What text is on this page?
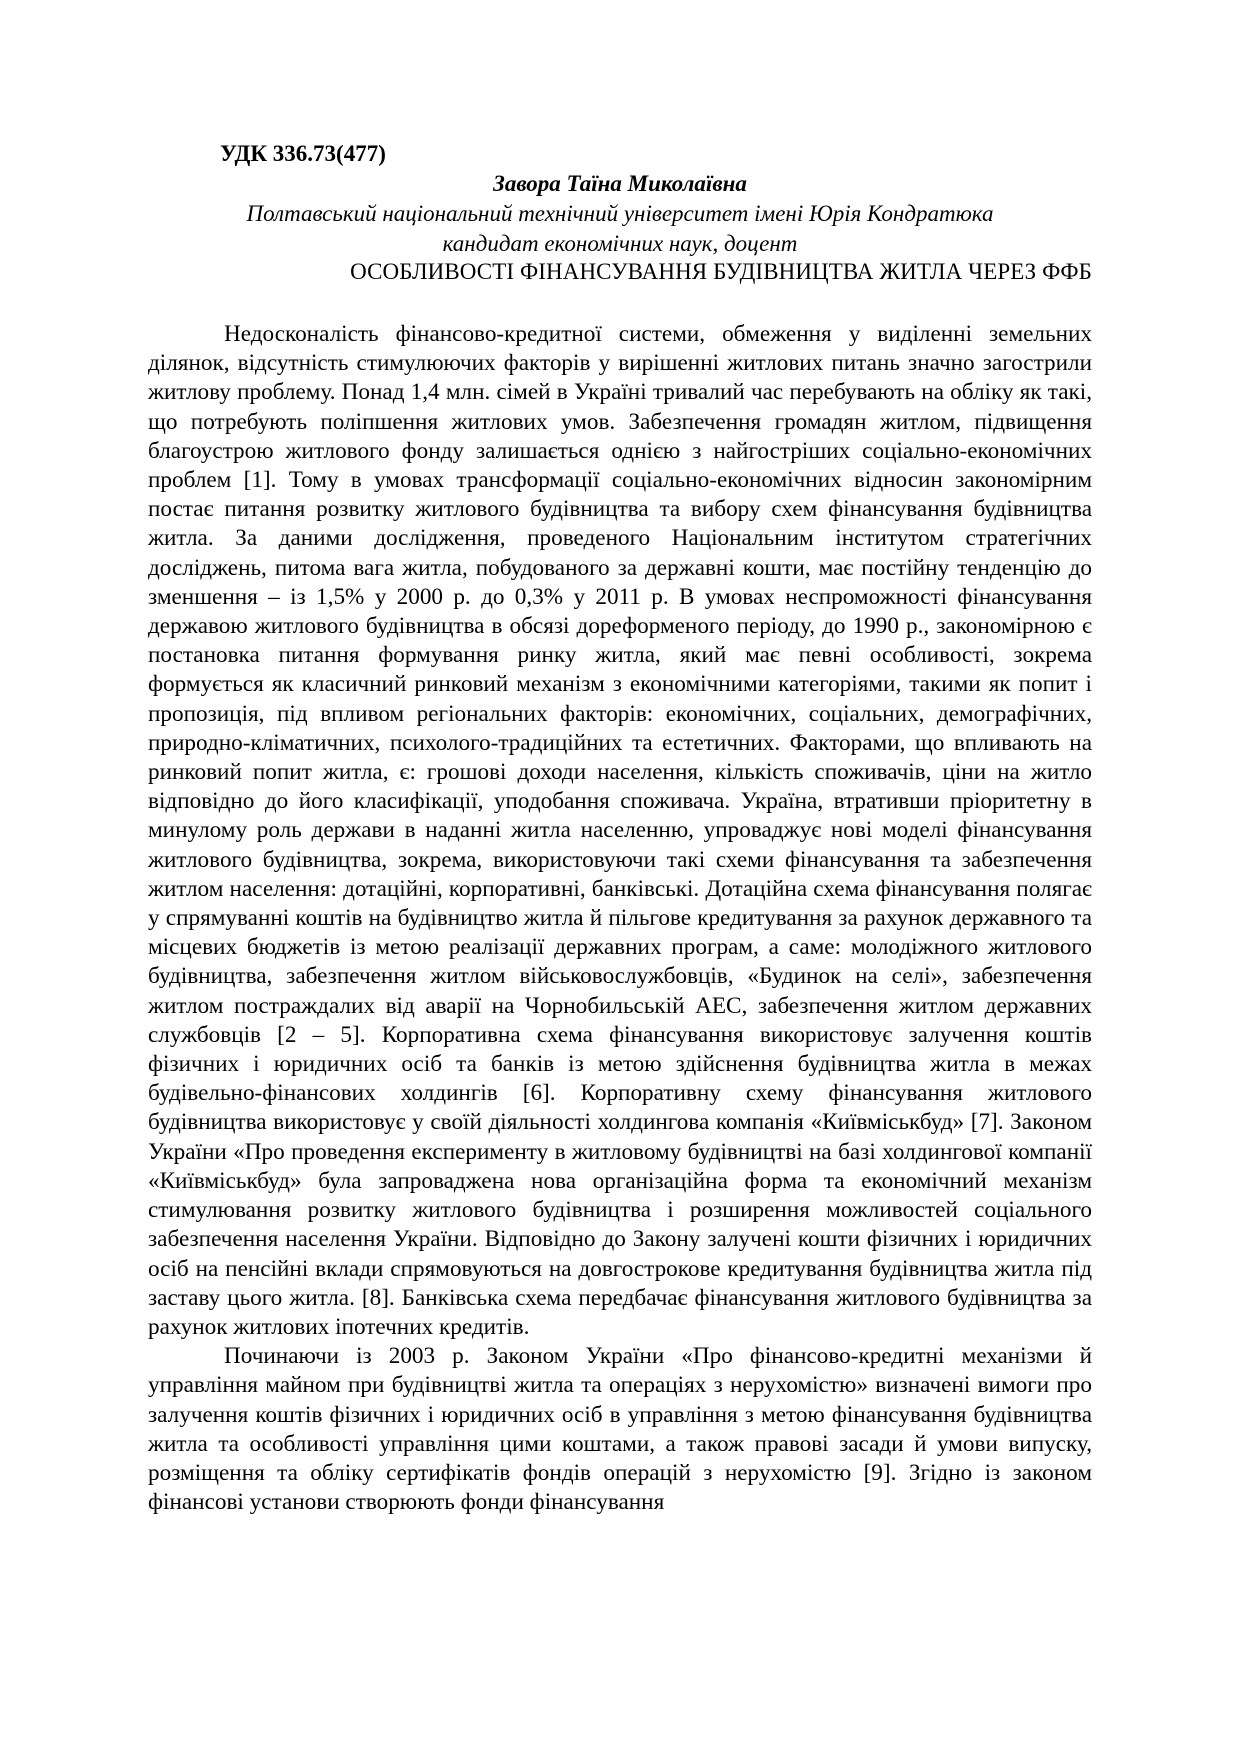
УДК 336.73(477)
Завора Таїна Миколаївна
Полтавський національний технічний університет імені Юрія Кондратюка
кандидат економічних наук, доцент
ОСОБЛИВОСТІ ФІНАНСУВАННЯ БУДІВНИЦТВА ЖИТЛА ЧЕРЕЗ ФФБ

Недосконалість фінансово-кредитної системи, обмеження у виділенні земельних ділянок, відсутність стимулюючих факторів у вирішенні житлових питань значно загострили житлову проблему. Понад 1,4 млн. сімей в Україні тривалий час перебувають на обліку як такі, що потребують поліпшення житлових умов. Забезпечення громадян житлом, підвищення благоустрою житлового фонду залишається однією з найгостріших соціально-економічних проблем [1]. Тому в умовах трансформації соціально-економічних відносин закономірним постає питання розвитку житлового будівництва та вибору схем фінансування будівництва житла. За даними дослідження, проведеного Національним інститутом стратегічних досліджень, питома вага житла, побудованого за державні кошти, має постійну тенденцію до зменшення – із 1,5% у 2000 р. до 0,3% у 2011 р. В умовах неспроможності фінансування державою житлового будівництва в обсязі дореформеного періоду, до 1990 р., закономірною є постановка питання формування ринку житла, який має певні особливості, зокрема формується як класичний ринковий механізм з економічними категоріями, такими як попит і пропозиція, під впливом регіональних факторів: економічних, соціальних, демографічних, природно-кліматичних, психолого-традиційних та естетичних. Факторами, що впливають на ринковий попит житла, є: грошові доходи населення, кількість споживачів, ціни на житло відповідно до його класифікації, уподобання споживача. Україна, втративши пріоритетну в минулому роль держави в наданні житла населенню, упроваджує нові моделі фінансування житлового будівництва, зокрема, використовуючи такі схеми фінансування та забезпечення житлом населення: дотаційні, корпоративні, банківські. Дотаційна схема фінансування полягає у спрямуванні коштів на будівництво житла й пільгове кредитування за рахунок державного та місцевих бюджетів із метою реалізації державних програм, а саме: молодіжного житлового будівництва, забезпечення житлом військовослужбовців, «Будинок на селі», забезпечення житлом постраждалих від аварії на Чорнобильській АЕС, забезпечення житлом державних службовців [2 – 5]. Корпоративна схема фінансування використовує залучення коштів фізичних і юридичних осіб та банків із метою здійснення будівництва житла в межах будівельно-фінансових холдингів [6]. Корпоративну схему фінансування житлового будівництва використовує у своїй діяльності холдингова компанія «Київміськбуд» [7]. Законом України «Про проведення експерименту в житловому будівництві на базі холдингової компанії «Київміськбуд» була запроваджена нова організаційна форма та економічний механізм стимулювання розвитку житлового будівництва і розширення можливостей соціального забезпечення населення України. Відповідно до Закону залучені кошти фізичних і юридичних осіб на пенсійні вклади спрямовуються на довгострокове кредитування будівництва житла під заставу цього житла. [8]. Банківська схема передбачає фінансування житлового будівництва за рахунок житлових іпотечних кредитів.

Починаючи із 2003 р. Законом України «Про фінансово-кредитні механізми й управління майном при будівництві житла та операціях з нерухомістю» визначені вимоги про залучення коштів фізичних і юридичних осіб в управління з метою фінансування будівництва житла та особливості управління цими коштами, а також правові засади й умови випуску, розміщення та обліку сертифікатів фондів операцій з нерухомістю [9]. Згідно із законом фінансові установи створюють фонди фінансування
